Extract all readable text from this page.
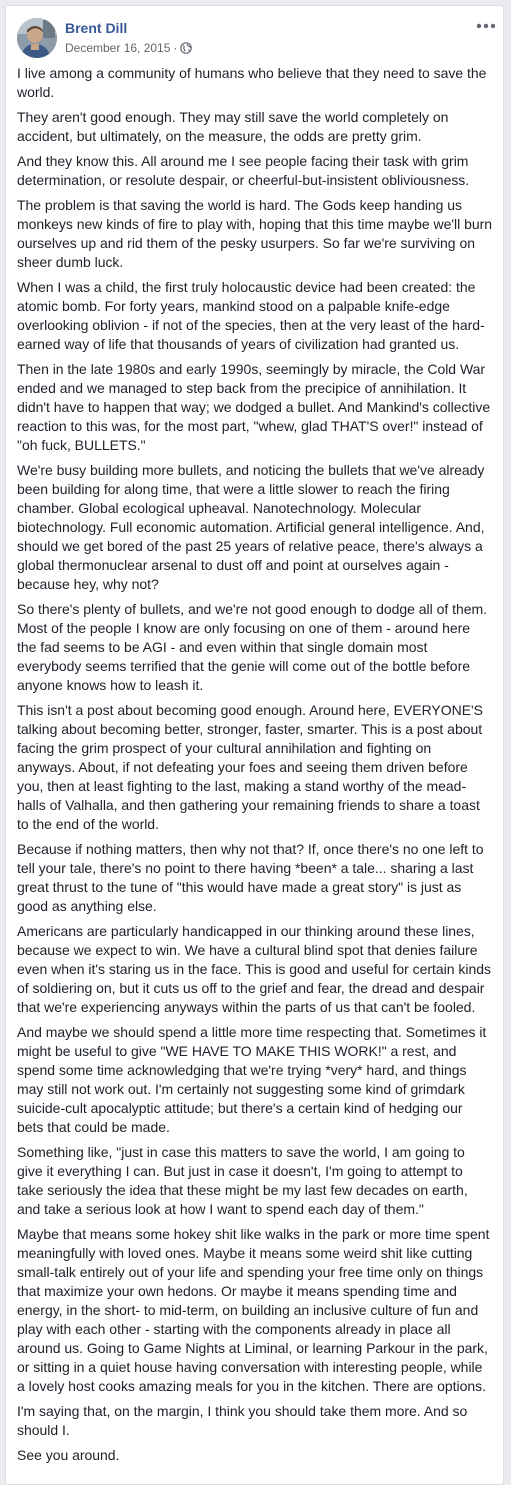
Brent Dill
December 16, 2015 ·

I live among a community of humans who believe that they need to save the world.

They aren't good enough. They may still save the world completely on accident, but ultimately, on the measure, the odds are pretty grim.

And they know this. All around me I see people facing their task with grim determination, or resolute despair, or cheerful-but-insistent obliviousness.

The problem is that saving the world is hard. The Gods keep handing us monkeys new kinds of fire to play with, hoping that this time maybe we'll burn ourselves up and rid them of the pesky usurpers. So far we're surviving on sheer dumb luck.

When I was a child, the first truly holocaustic device had been created: the atomic bomb. For forty years, mankind stood on a palpable knife-edge overlooking oblivion - if not of the species, then at the very least of the hard-earned way of life that thousands of years of civilization had granted us.

Then in the late 1980s and early 1990s, seemingly by miracle, the Cold War ended and we managed to step back from the precipice of annihilation. It didn't have to happen that way; we dodged a bullet. And Mankind's collective reaction to this was, for the most part, "whew, glad THAT'S over!" instead of "oh fuck, BULLETS."

We're busy building more bullets, and noticing the bullets that we've already been building for along time, that were a little slower to reach the firing chamber. Global ecological upheaval. Nanotechnology. Molecular biotechnology. Full economic automation. Artificial general intelligence. And, should we get bored of the past 25 years of relative peace, there's always a global thermonuclear arsenal to dust off and point at ourselves again - because hey, why not?

So there's plenty of bullets, and we're not good enough to dodge all of them. Most of the people I know are only focusing on one of them - around here the fad seems to be AGI - and even within that single domain most everybody seems terrified that the genie will come out of the bottle before anyone knows how to leash it.

This isn't a post about becoming good enough. Around here, EVERYONE'S talking about becoming better, stronger, faster, smarter. This is a post about facing the grim prospect of your cultural annihilation and fighting on anyways. About, if not defeating your foes and seeing them driven before you, then at least fighting to the last, making a stand worthy of the mead-halls of Valhalla, and then gathering your remaining friends to share a toast to the end of the world.

Because if nothing matters, then why not that? If, once there's no one left to tell your tale, there's no point to there having *been* a tale... sharing a last great thrust to the tune of "this would have made a great story" is just as good as anything else.

Americans are particularly handicapped in our thinking around these lines, because we expect to win. We have a cultural blind spot that denies failure even when it's staring us in the face. This is good and useful for certain kinds of soldiering on, but it cuts us off to the grief and fear, the dread and despair that we're experiencing anyways within the parts of us that can't be fooled.

And maybe we should spend a little more time respecting that. Sometimes it might be useful to give "WE HAVE TO MAKE THIS WORK!" a rest, and spend some time acknowledging that we're trying *very* hard, and things may still not work out. I'm certainly not suggesting some kind of grimdark suicide-cult apocalyptic attitude; but there's a certain kind of hedging our bets that could be made.

Something like, "just in case this matters to save the world, I am going to give it everything I can. But just in case it doesn't, I'm going to attempt to take seriously the idea that these might be my last few decades on earth, and take a serious look at how I want to spend each day of them."

Maybe that means some hokey shit like walks in the park or more time spent meaningfully with loved ones. Maybe it means some weird shit like cutting small-talk entirely out of your life and spending your free time only on things that maximize your own hedons. Or maybe it means spending time and energy, in the short- to mid-term, on building an inclusive culture of fun and play with each other - starting with the components already in place all around us. Going to Game Nights at Liminal, or learning Parkour in the park, or sitting in a quiet house having conversation with interesting people, while a lovely host cooks amazing meals for you in the kitchen. There are options.

I'm saying that, on the margin, I think you should take them more. And so should I.

See you around.
